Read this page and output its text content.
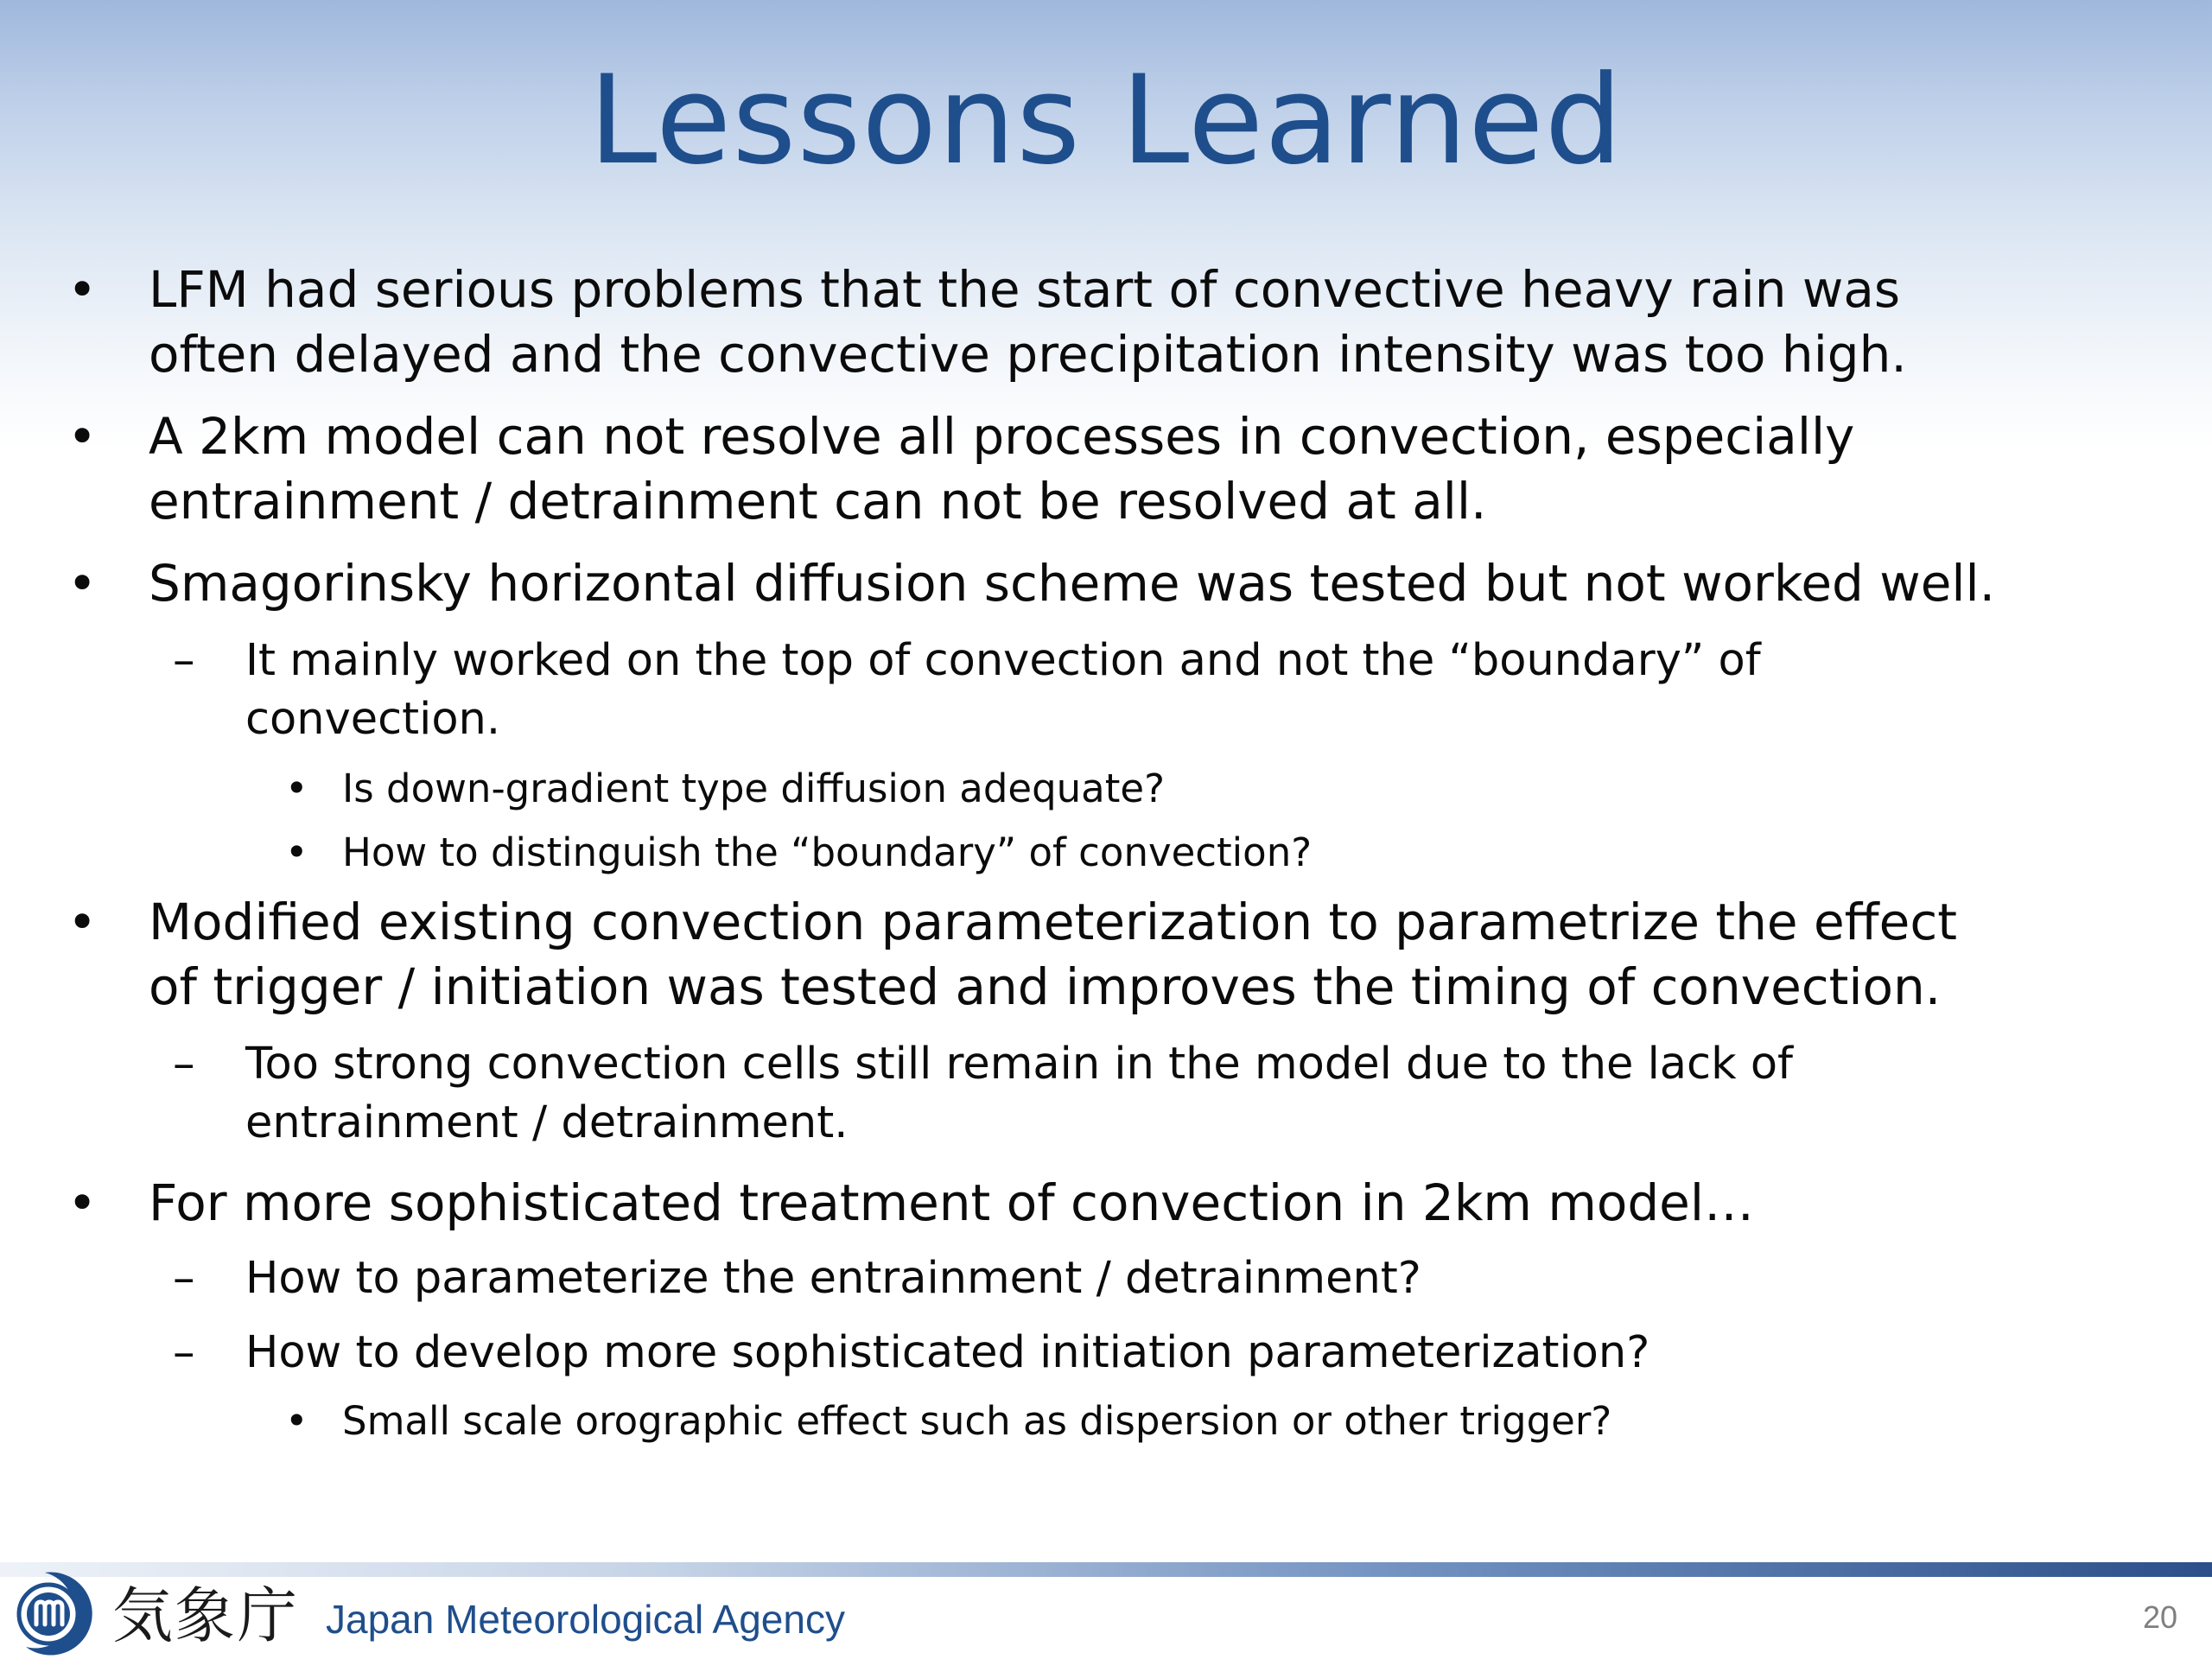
Lessons Learned
• LFM had serious problems that the start of convective heavy rain was
often delayed and the convective precipitation intensity was too high.
• A 2km model can not resolve all processes in convection, especially
entrainment / detrainment can not be resolved at all.
• Smagorinsky horizontal diffusion scheme was tested but not worked well.
– It mainly worked on the top of convection and not the “boundary” of
convection.
• Is down-gradient type diffusion adequate?
• How to distinguish the “boundary” of convection?
• Modified existing convection parameterization to parametrize the effect
of trigger / initiation was tested and improves the timing of convection.
– Too strong convection cells still remain in the model due to the lack of
entrainment / detrainment.
• For more sophisticated treatment of convection in 2km model…
– How to parameterize the entrainment / detrainment?
– How to develop more sophisticated initiation parameterization?
• Small scale orographic effect such as dispersion or other trigger?
気象庁 Japan Meteorological Agency	20
